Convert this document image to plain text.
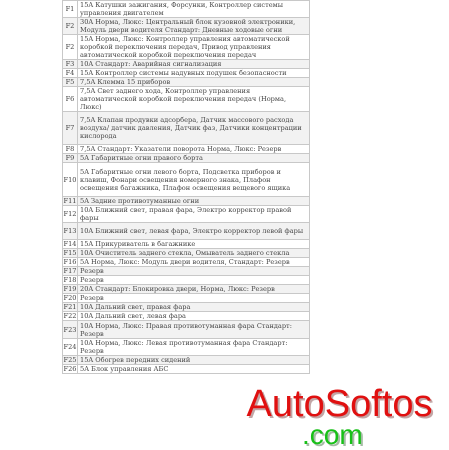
F1	15A Катушки зажигания, Форсунки, Контроллер системы управления двигателем
F2	30A Норма, Люкс: Центральный блок кузовной электроники, Модуль двери водителя Стандарт: Дневные ходовые огни
F2	15A Норма, Люкс: Контроллер управления автоматической коробкой переключения передач, Привод управления автоматической коробкой переключения передач
F3	10A Стандарт: Аварийная сигнализация
F4	15A Контроллер системы надувных подушек безопасности
F5	7,5A Клемма 15 приборов
F6	7,5A Свет заднего хода, Контроллер управления автоматической коробкой переключения передач (Норма, Люкс)
F7	7,5A Клапан продувки адсорбера, Датчик массового расхода воздуха/ датчик давления, Датчик фаз, Датчики концентрации кислорода
F8	7,5A Стандарт: Указатели поворота Норма, Люкс: Резерв
F9	5A Габаритные огни правого борта
F10	5A Габаритные огни левого борта, Подсветка приборов и клавиш, Фонари освещения номерного знака, Плафон освещения багажника, Плафон освещения вещевого ящика
F11	5A Задние противотуманные огни
F12	10A Ближний свет, правая фара, Электро корректор правой фары
F13	10A Ближний свет, левая фара, Электро корректор левой фары
F14	15A Прикуриватель в багажнике
F15	10A Очиститель заднего стекла, Омыватель заднего стекла
F16	5A Норма, Люкс: Модуль двери водителя, Стандарт: Резерв
F17	Резерв
F18	Резерв
F19	20A Стандарт: Блокировка двери, Норма, Люкс: Резерв
F20	Резерв
F21	10A Дальний свет, правая фара
F22	10A Дальний свет, левая фара
F23	10A Норма, Люкс: Правая противотуманная фара Стандарт: Резерв
F24	10A Норма, Люкс: Левая противотуманная фара Стандарт: Резерв
F25	15A Обогрев передних сидений
F26	5A Блок управления АБС
AutoSoftos
.com
